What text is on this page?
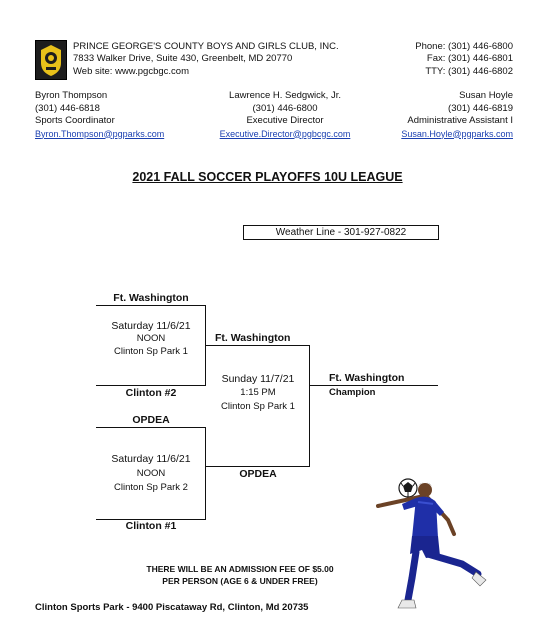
PRINCE GEORGE'S COUNTY BOYS AND GIRLS CLUB, INC.
7833 Walker Drive, Suite 430, Greenbelt, MD 20770
Web site: www.pgcbgc.com
Phone: (301) 446-6800
Fax: (301) 446-6801
TTY: (301) 446-6802
Byron Thompson
(301) 446-6818
Sports Coordinator
Byron.Thompson@pgparks.com
Lawrence H. Sedgwick, Jr.
(301) 446-6800
Executive Director
Executive.Director@pgbcgc.com
Susan Hoyle
(301) 446-6819
Administrative Assistant I
Susan.Hoyle@pgparks.com
2021 FALL SOCCER PLAYOFFS 10U LEAGUE
Weather Line - 301-927-0822
Ft. Washington
Saturday 11/6/21
NOON
Clinton Sp Park 1
Clinton #2
Ft. Washington
Sunday 11/7/21
1:15 PM
Clinton Sp Park 1
OPDEA
Ft. Washington
Champion
OPDEA
Saturday 11/6/21
NOON
Clinton Sp Park 2
Clinton #1
THERE WILL BE AN ADMISSION FEE OF $5.00
PER PERSON (AGE 6 & UNDER FREE)
Clinton Sports Park - 9400 Piscataway Rd, Clinton, Md 20735
